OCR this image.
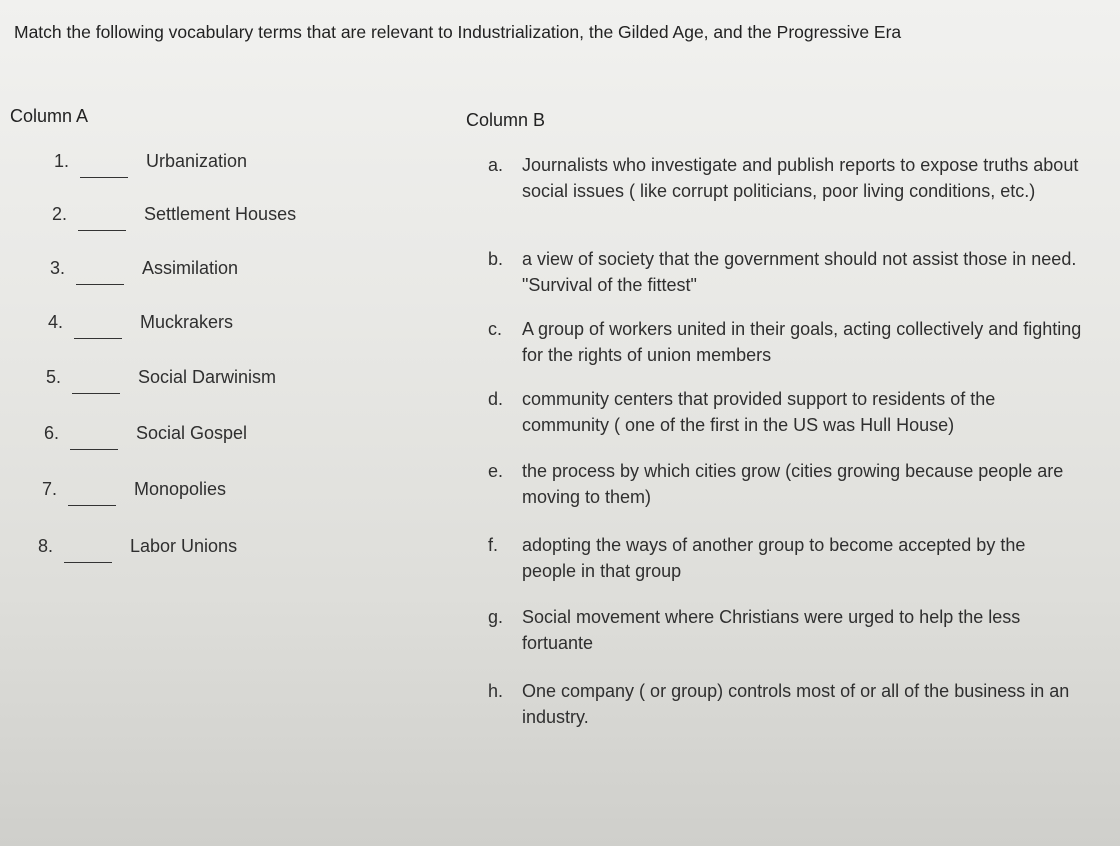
Match the following vocabulary terms that are relevant to Industrialization, the Gilded Age, and the Progressive Era
Column A	Column B
1.	Urbanization
2.	Settlement Houses
3.	Assimilation
4.	Muckrakers
5.	Social Darwinism
6.	Social Gospel
7.	Monopolies
8.	Labor Unions
a. Journalists who investigate and publish reports to expose truths about social issues ( like corrupt politicians, poor living conditions, etc.)
b. a view of society that the government should not assist those in need. "Survival of the fittest"
c. A group of workers united in their goals, acting collectively and fighting for the rights of union members
d. community centers that provided support to residents of the community ( one of the first in the US was Hull House)
e. the process by which cities grow (cities growing because people are moving to them)
f. adopting the ways of another group to become accepted by the people in that group
g. Social movement where Christians were urged to help the less fortuante
h. One company ( or group) controls most of or all of the business in an industry.
